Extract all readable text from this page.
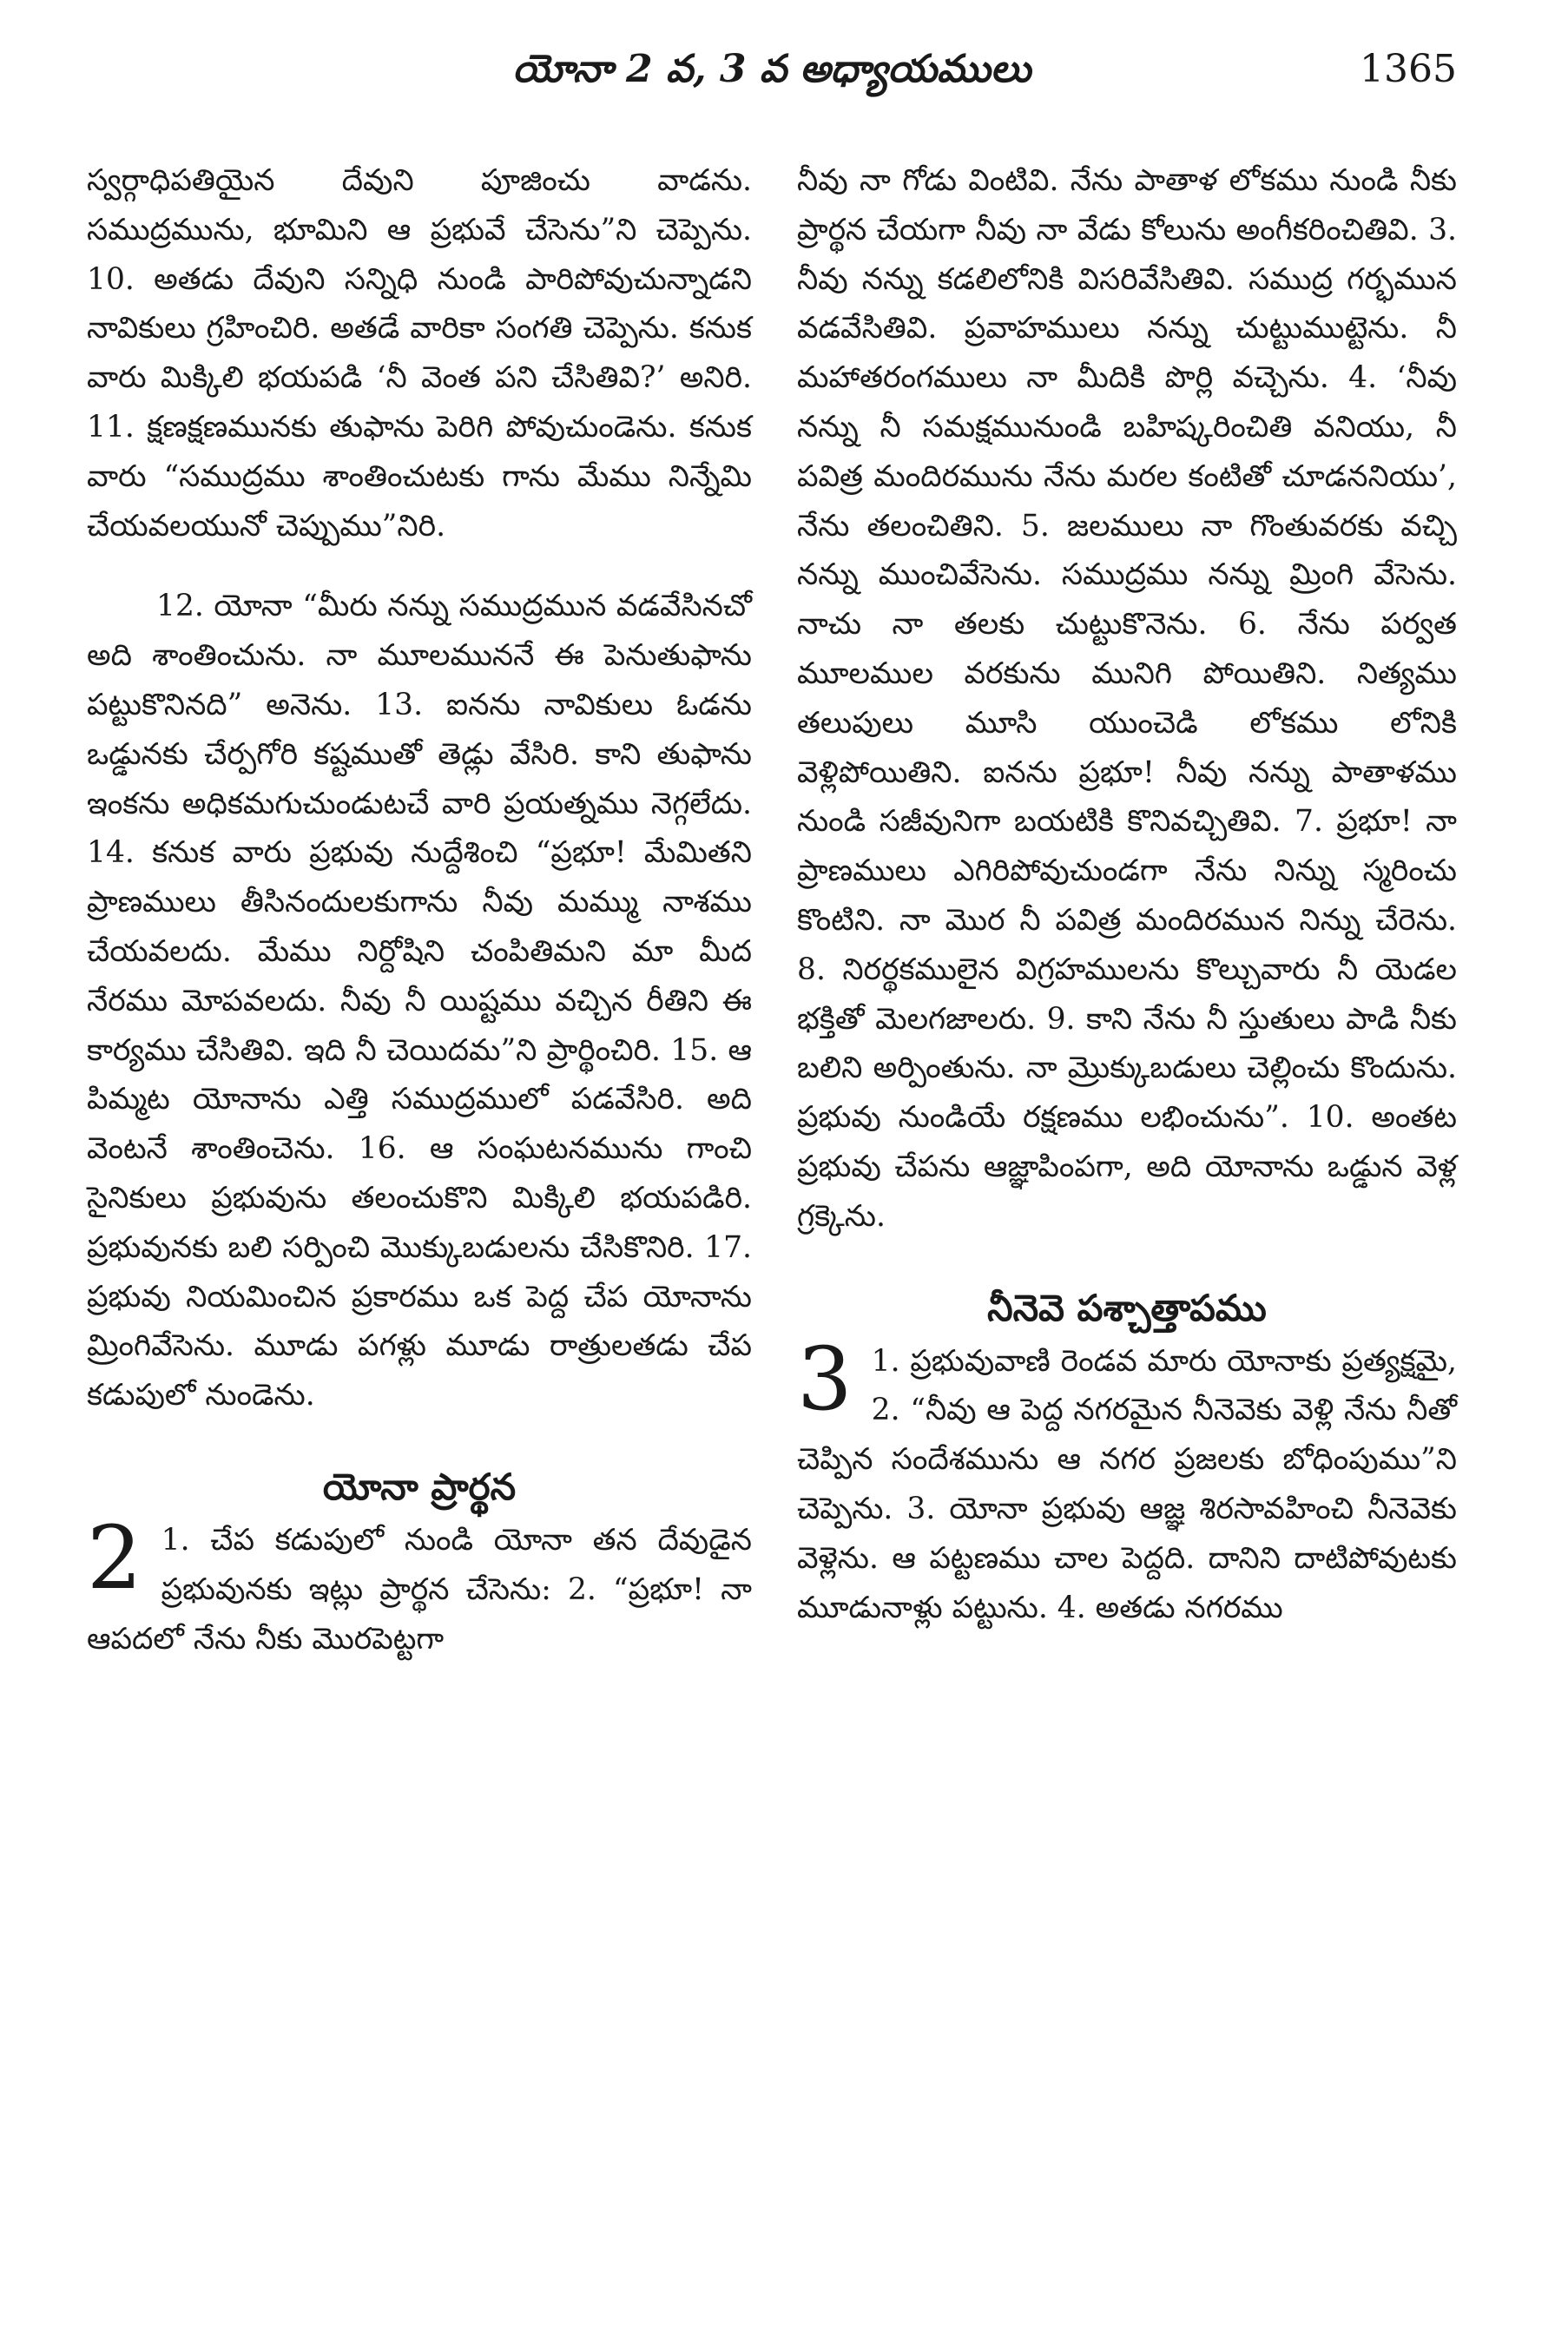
యోనా 2 వ, 3 వ అధ్యాయములు	1365

స్వర్గాధిపతియైన దేవుని పూజించు వాడను. సముద్రమును, భూమిని ఆ ప్రభువే చేసెను”ని చెప్పెను. 10. అతడు దేవుని సన్నిధి నుండి పారిపోవుచున్నాడని నావికులు గ్రహించిరి. అతడే వారికా సంగతి చెప్పెను. కనుక వారు మిక్కిలి భయపడి ‘నీ వెంత పని చేసితివి?’ అనిరి. 11. క్షణక్షణమునకు తుఫాను పెరిగి పోవుచుండెను. కనుక వారు “సముద్రము శాంతించుటకు గాను మేము నిన్నేమి చేయవలయునో చెప్పుము”నిరి.

12. యోనా “మీరు నన్ను సముద్రమున వడవేసినచో అది శాంతించును. నా మూలముననే ఈ పెనుతుఫాను పట్టుకొనినది” అనెను. 13. ఐనను నావికులు ఓడను ఒడ్డునకు చేర్పగోరి కష్టముతో తెడ్లు వేసిరి. కాని తుఫాను ఇంకను అధికమగుచుండుటచే వారి ప్రయత్నము నెగ్గలేదు. 14. కనుక వారు ప్రభువు నుద్దేశించి “ప్రభూ! మేమితని ప్రాణములు తీసినందులకుగాను నీవు మమ్ము నాశము చేయవలదు. మేము నిర్దోషిని చంపితిమని మా మీద నేరము మోపవలదు. నీవు నీ యిష్టము వచ్చిన రీతిని ఈ కార్యము చేసితివి. ఇది నీ చెయిదమ”ని ప్రార్థించిరి. 15. ఆ పిమ్మట యోనాను ఎత్తి సముద్రములో పడవేసిరి. అది వెంటనే శాంతించెను. 16. ఆ సంఘటనమును గాంచి సైనికులు ప్రభువును తలంచుకొని మిక్కిలి భయపడిరి. ప్రభువునకు బలి సర్పించి మొక్కుబడులను చేసికొనిరి. 17. ప్రభువు నియమించిన ప్రకారము ఒక పెద్ద చేప యోనాను మ్రింగివేసెను. మూడు పగళ్లు మూడు రాత్రులతడు చేప కడుపులో నుండెను.

యోనా ప్రార్థన

2 1. చేప కడుపులో నుండి యోనా తన దేవుడైన ప్రభువునకు ఇట్లు ప్రార్థన చేసెను: 2. “ప్రభూ! నా ఆపదలో నేను నీకు మొరపెట్టగా

నీవు నా గోడు వింటివి. నేను పాతాళ లోకము నుండి నీకు ప్రార్థన చేయగా నీవు నా వేడు కోలును అంగీకరించితివి. 3. నీవు నన్ను కడలిలోనికి విసరివేసితివి. సముద్ర గర్భమున వడవేసితివి. ప్రవాహములు నన్ను చుట్టుముట్టెను. నీ మహాతరంగములు నా మీదికి పొర్లి వచ్చెను. 4. ‘నీవు నన్ను నీ సమక్షమునుండి బహిష్కరించితి వనియు, నీ పవిత్ర మందిరమును నేను మరల కంటితో చూడననియు’, నేను తలంచితిని. 5. జలములు నా గొంతువరకు వచ్చి నన్ను ముంచివేసెను. సముద్రము నన్ను మ్రింగి వేసెను. నాచు నా తలకు చుట్టుకొనెను. 6. నేను పర్వత మూలముల వరకును మునిగి పోయితిని. నిత్యము తలుపులు మూసి యుంచెడి లోకము లోనికి వెళ్లిపోయితిని. ఐనను ప్రభూ! నీవు నన్ను పాతాళము నుండి సజీవునిగా బయటికి కొనివచ్చితివి. 7. ప్రభూ! నా ప్రాణములు ఎగిరిపోవుచుండగా నేను నిన్ను స్మరించు కొంటిని. నా మొర నీ పవిత్ర మందిరమున నిన్ను చేరెను. 8. నిరర్థకములైన విగ్రహములను కొల్చువారు నీ యెడల భక్తితో మెలగజాలరు. 9. కాని నేను నీ స్తుతులు పాడి నీకు బలిని అర్పింతును. నా మ్రొక్కుబడులు చెల్లించు కొందును. ప్రభువు నుండియే రక్షణము లభించును”. 10. అంతట ప్రభువు చేపను ఆజ్ఞాపింపగా, అది యోనాను ఒడ్డున వెళ్ల గ్రక్కెను.

నీనెవె పశ్చాత్తాపము

3 1. ప్రభువువాణి రెండవ మారు యోనాకు ప్రత్యక్షమై, 2. “నీవు ఆ పెద్ద నగరమైన నీనెవెకు వెళ్లి నేను నీతో చెప్పిన సందేశమును ఆ నగర ప్రజలకు బోధింపుము”ని చెప్పెను. 3. యోనా ప్రభువు ఆజ్ఞ శిరసావహించి నీనెవెకు వెళ్లెను. ఆ పట్టణము చాల పెద్దది. దానిని దాటిపోవుటకు మూడునాళ్లు పట్టును. 4. అతడు నగరము
